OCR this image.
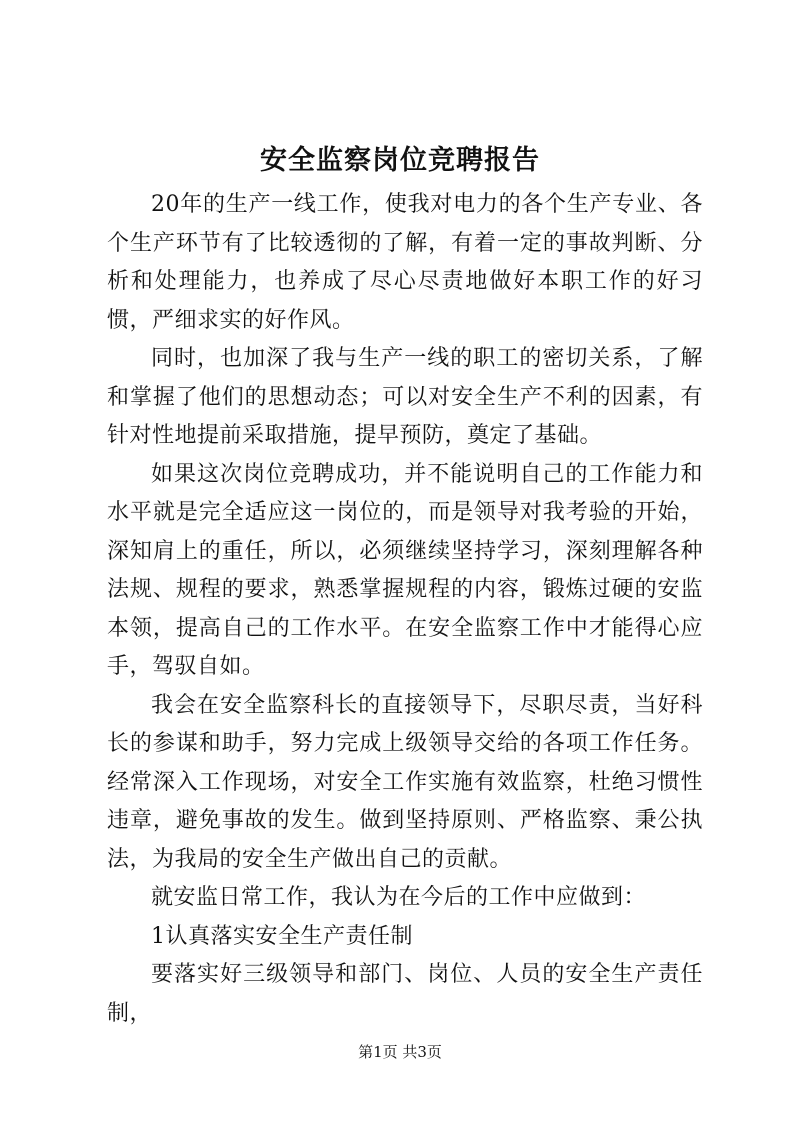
安全监察岗位竞聘报告

20年的生产一线工作，使我对电力的各个生产专业、各个生产环节有了比较透彻的了解，有着一定的事故判断、分析和处理能力，也养成了尽心尽责地做好本职工作的好习惯，严细求实的好作风。

同时，也加深了我与生产一线的职工的密切关系，了解和掌握了他们的思想动态；可以对安全生产不利的因素，有针对性地提前采取措施，提早预防，奠定了基础。

如果这次岗位竞聘成功，并不能说明自己的工作能力和水平就是完全适应这一岗位的，而是领导对我考验的开始，深知肩上的重任，所以，必须继续坚持学习，深刻理解各种法规、规程的要求，熟悉掌握规程的内容，锻炼过硬的安监本领，提高自己的工作水平。在安全监察工作中才能得心应手，驾驭自如。

我会在安全监察科长的直接领导下，尽职尽责，当好科长的参谋和助手，努力完成上级领导交给的各项工作任务。经常深入工作现场，对安全工作实施有效监察，杜绝习惯性违章，避免事故的发生。做到坚持原则、严格监察、秉公执法，为我局的安全生产做出自己的贡献。

就安监日常工作，我认为在今后的工作中应做到：

1认真落实安全生产责任制

要落实好三级领导和部门、岗位、人员的安全生产责任制，

第1页 共3页
